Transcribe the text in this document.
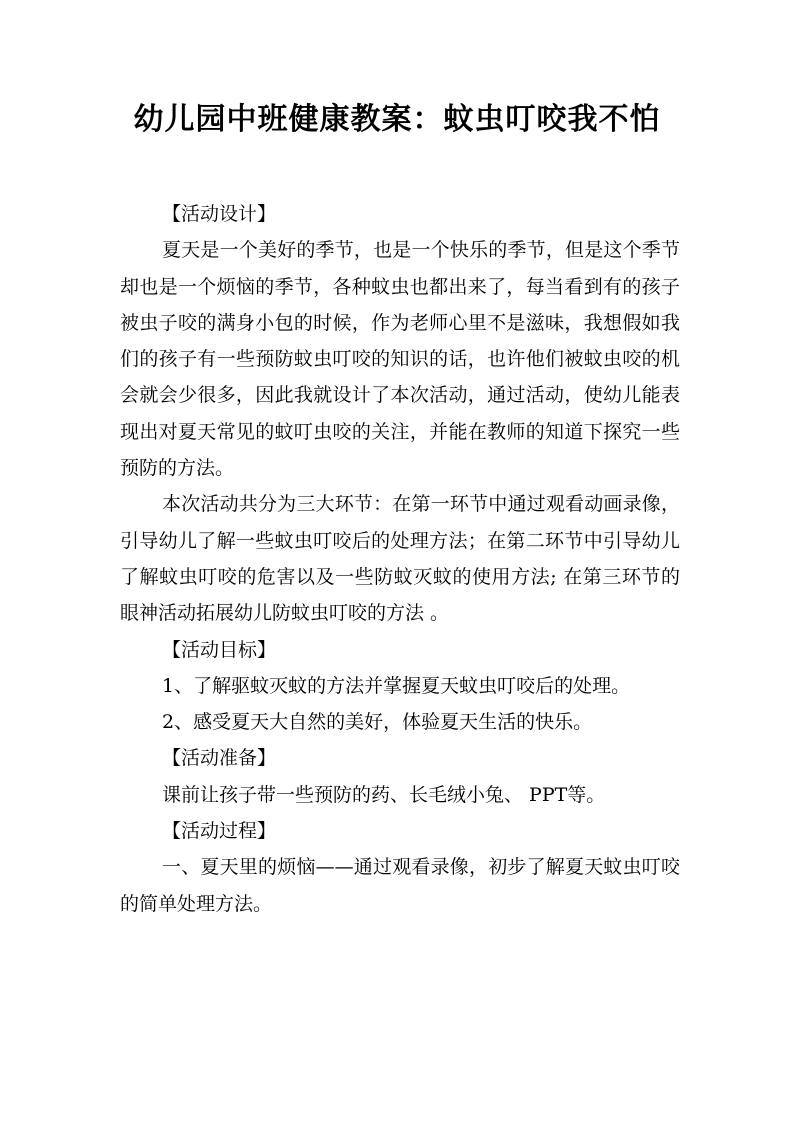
幼儿园中班健康教案：蚊虫叮咬我不怕

【活动设计】

夏天是一个美好的季节，也是一个快乐的季节，但是这个季节却也是一个烦恼的季节，各种蚊虫也都出来了，每当看到有的孩子被虫子咬的满身小包的时候，作为老师心里不是滋味，我想假如我们的孩子有一些预防蚊虫叮咬的知识的话，也许他们被蚊虫咬的机会就会少很多，因此我就设计了本次活动，通过活动，使幼儿能表现出对夏天常见的蚊叮虫咬的关注，并能在教师的知道下探究一些预防的方法。

本次活动共分为三大环节：在第一环节中通过观看动画录像，引导幼儿了解一些蚊虫叮咬后的处理方法；在第二环节中引导幼儿了解蚊虫叮咬的危害以及一些防蚊灭蚊的使用方法; 在第三环节的眼神活动拓展幼儿防蚊虫叮咬的方法 。

【活动目标】

1、了解驱蚊灭蚊的方法并掌握夏天蚊虫叮咬后的处理。

2、感受夏天大自然的美好，体验夏天生活的快乐。

【活动准备】

课前让孩子带一些预防的药、长毛绒小兔、 PPT等。

【活动过程】

一、夏天里的烦恼——通过观看录像，初步了解夏天蚊虫叮咬的简单处理方法。
